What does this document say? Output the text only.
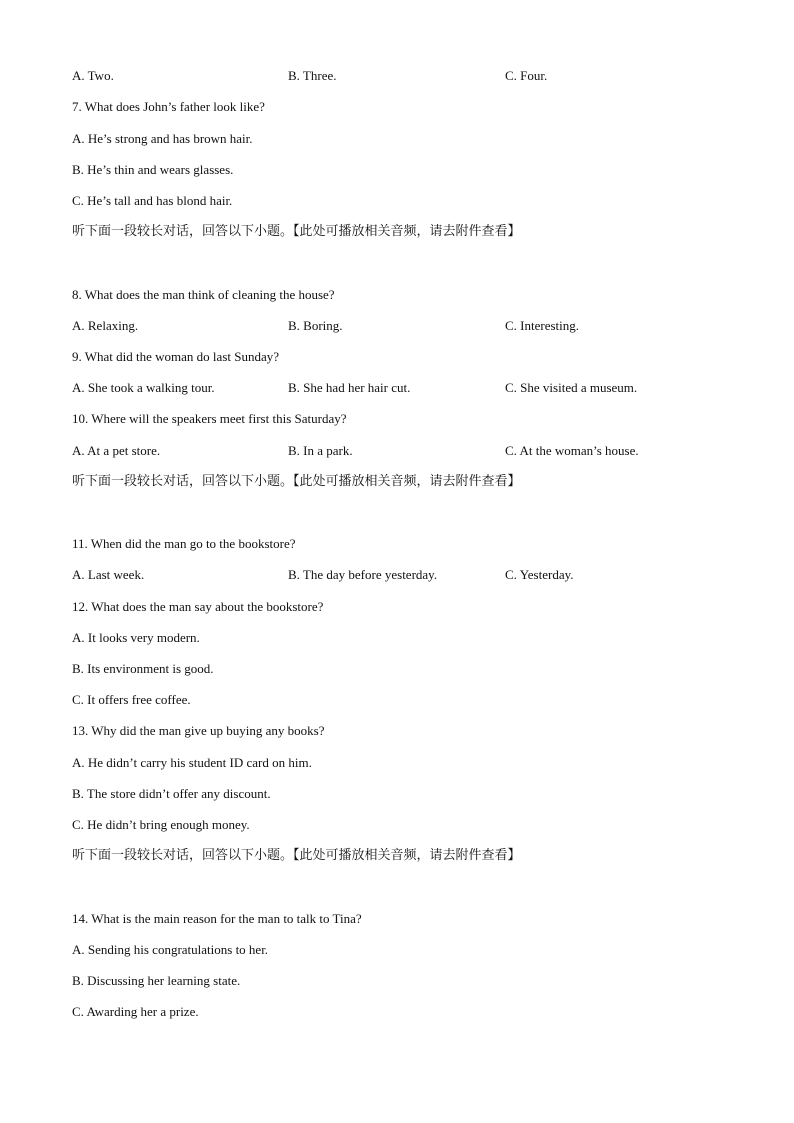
A. Two.	B. Three.	C. Four.
7. What does John’s father look like?
A. He’s strong and has brown hair.
B. He’s thin and wears glasses.
C. He’s tall and has blond hair.
听下面一段较长对话，回答以下小题。【此处可播放相关音频，请去附件查看】
8. What does the man think of cleaning the house?
A. Relaxing.	B. Boring.	C. Interesting.
9. What did the woman do last Sunday?
A. She took a walking tour.	B. She had her hair cut.	C. She visited a museum.
10. Where will the speakers meet first this Saturday?
A. At a pet store.	B. In a park.	C. At the woman’s house.
听下面一段较长对话，回答以下小题。【此处可播放相关音频，请去附件查看】
11. When did the man go to the bookstore?
A. Last week.	B. The day before yesterday.	C. Yesterday.
12. What does the man say about the bookstore?
A. It looks very modern.
B. Its environment is good.
C. It offers free coffee.
13. Why did the man give up buying any books?
A. He didn’t carry his student ID card on him.
B. The store didn’t offer any discount.
C. He didn’t bring enough money.
听下面一段较长对话，回答以下小题。【此处可播放相关音频，请去附件查看】
14. What is the main reason for the man to talk to Tina?
A. Sending his congratulations to her.
B. Discussing her learning state.
C. Awarding her a prize.
